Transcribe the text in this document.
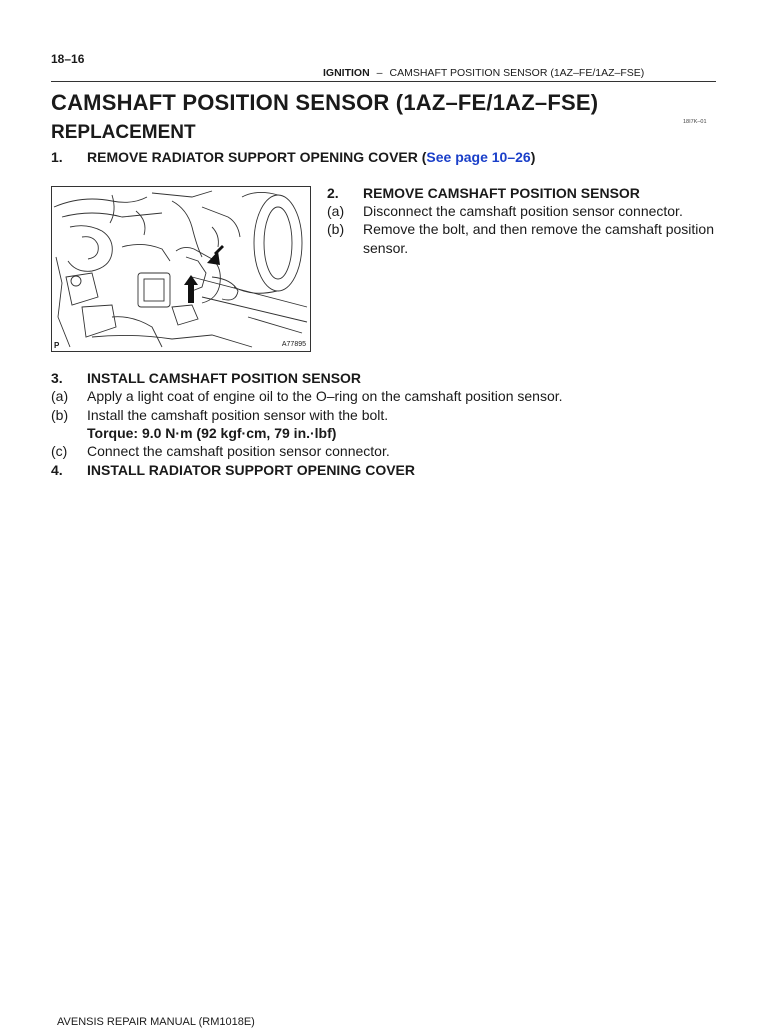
18–16
IGNITION – CAMSHAFT POSITION SENSOR (1AZ–FE/1AZ–FSE)
CAMSHAFT POSITION SENSOR (1AZ–FE/1AZ–FSE)
18I7K–01
REPLACEMENT
1. REMOVE RADIATOR SUPPORT OPENING COVER (See page 10–26)
P	A77895
2. REMOVE CAMSHAFT POSITION SENSOR
(a) Disconnect the camshaft position sensor connector.
(b) Remove the bolt, and then remove the camshaft position
sensor.
3. INSTALL CAMSHAFT POSITION SENSOR
(a) Apply a light coat of engine oil to the O–ring on the camshaft position sensor.
(b) Install the camshaft position sensor with the bolt.
Torque: 9.0 N·m (92 kgf·cm, 79 in.·lbf)
(c) Connect the camshaft position sensor connector.
4. INSTALL RADIATOR SUPPORT OPENING COVER
AVENSIS REPAIR MANUAL (RM1018E)
